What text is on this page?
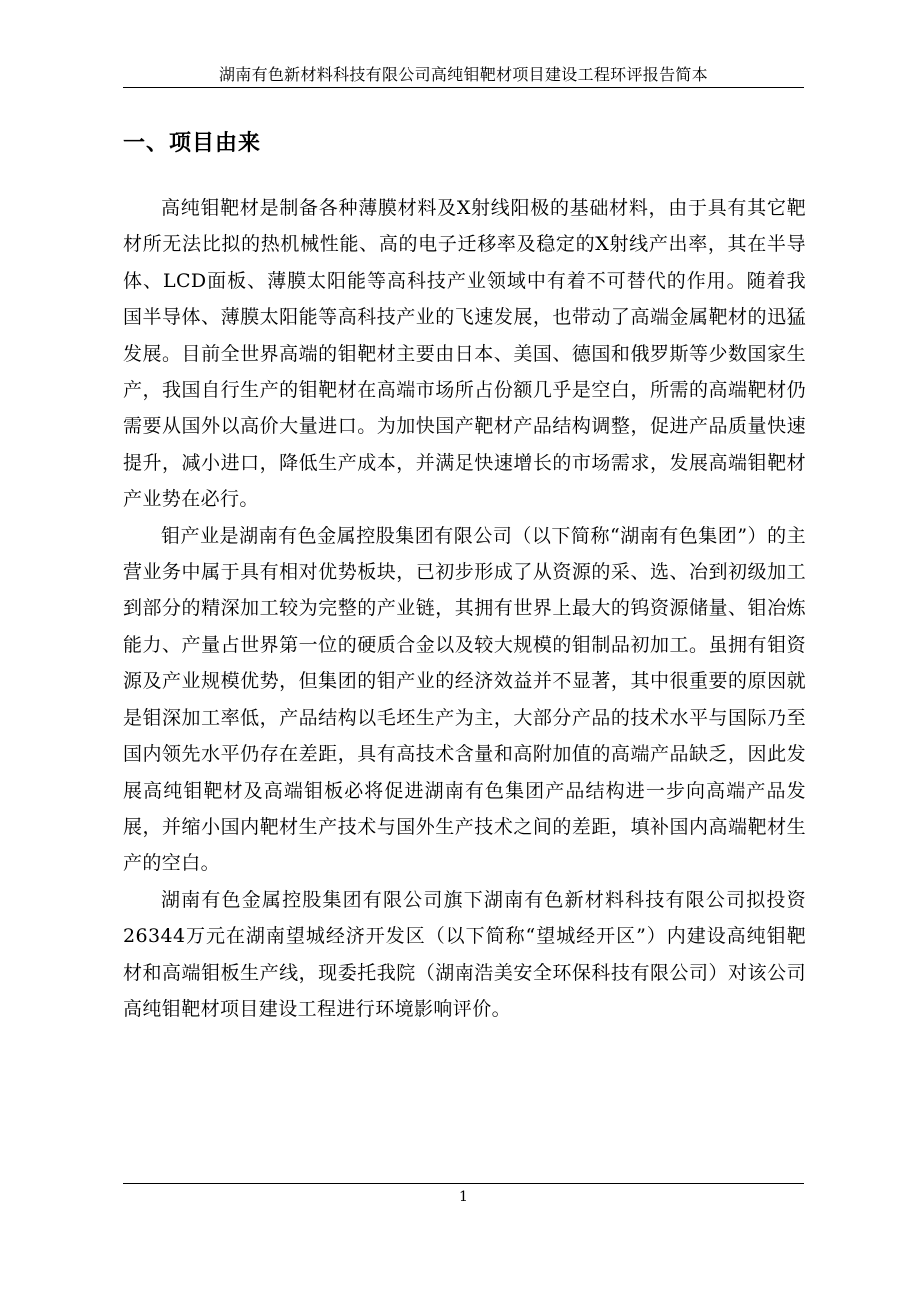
湖南有色新材料科技有限公司高纯钼靶材项目建设工程环评报告简本
一、项目由来

高纯钼靶材是制备各种薄膜材料及X射线阳极的基础材料，由于具有其它靶材所无法比拟的热机械性能、高的电子迁移率及稳定的X射线产出率，其在半导体、LCD面板、薄膜太阳能等高科技产业领域中有着不可替代的作用。随着我国半导体、薄膜太阳能等高科技产业的飞速发展，也带动了高端金属靶材的迅猛发展。目前全世界高端的钼靶材主要由日本、美国、德国和俄罗斯等少数国家生产，我国自行生产的钼靶材在高端市场所占份额几乎是空白，所需的高端靶材仍需要从国外以高价大量进口。为加快国产靶材产品结构调整，促进产品质量快速提升，减小进口，降低生产成本，并满足快速增长的市场需求，发展高端钼靶材产业势在必行。

钼产业是湖南有色金属控股集团有限公司（以下简称“湖南有色集团”）的主营业务中属于具有相对优势板块，已初步形成了从资源的采、选、冶到初级加工到部分的精深加工较为完整的产业链，其拥有世界上最大的钨资源储量、钼冶炼能力、产量占世界第一位的硬质合金以及较大规模的钼制品初加工。虽拥有钼资源及产业规模优势，但集团的钼产业的经济效益并不显著，其中很重要的原因就是钼深加工率低，产品结构以毛坯生产为主，大部分产品的技术水平与国际乃至国内领先水平仍存在差距，具有高技术含量和高附加值的高端产品缺乏，因此发展高纯钼靶材及高端钼板必将促进湖南有色集团产品结构进一步向高端产品发展，并缩小国内靶材生产技术与国外生产技术之间的差距，填补国内高端靶材生产的空白。

湖南有色金属控股集团有限公司旗下湖南有色新材料科技有限公司拟投资26344万元在湖南望城经济开发区（以下简称“望城经开区”）内建设高纯钼靶材和高端钼板生产线，现委托我院（湖南浩美安全环保科技有限公司）对该公司高纯钼靶材项目建设工程进行环境影响评价。

1
